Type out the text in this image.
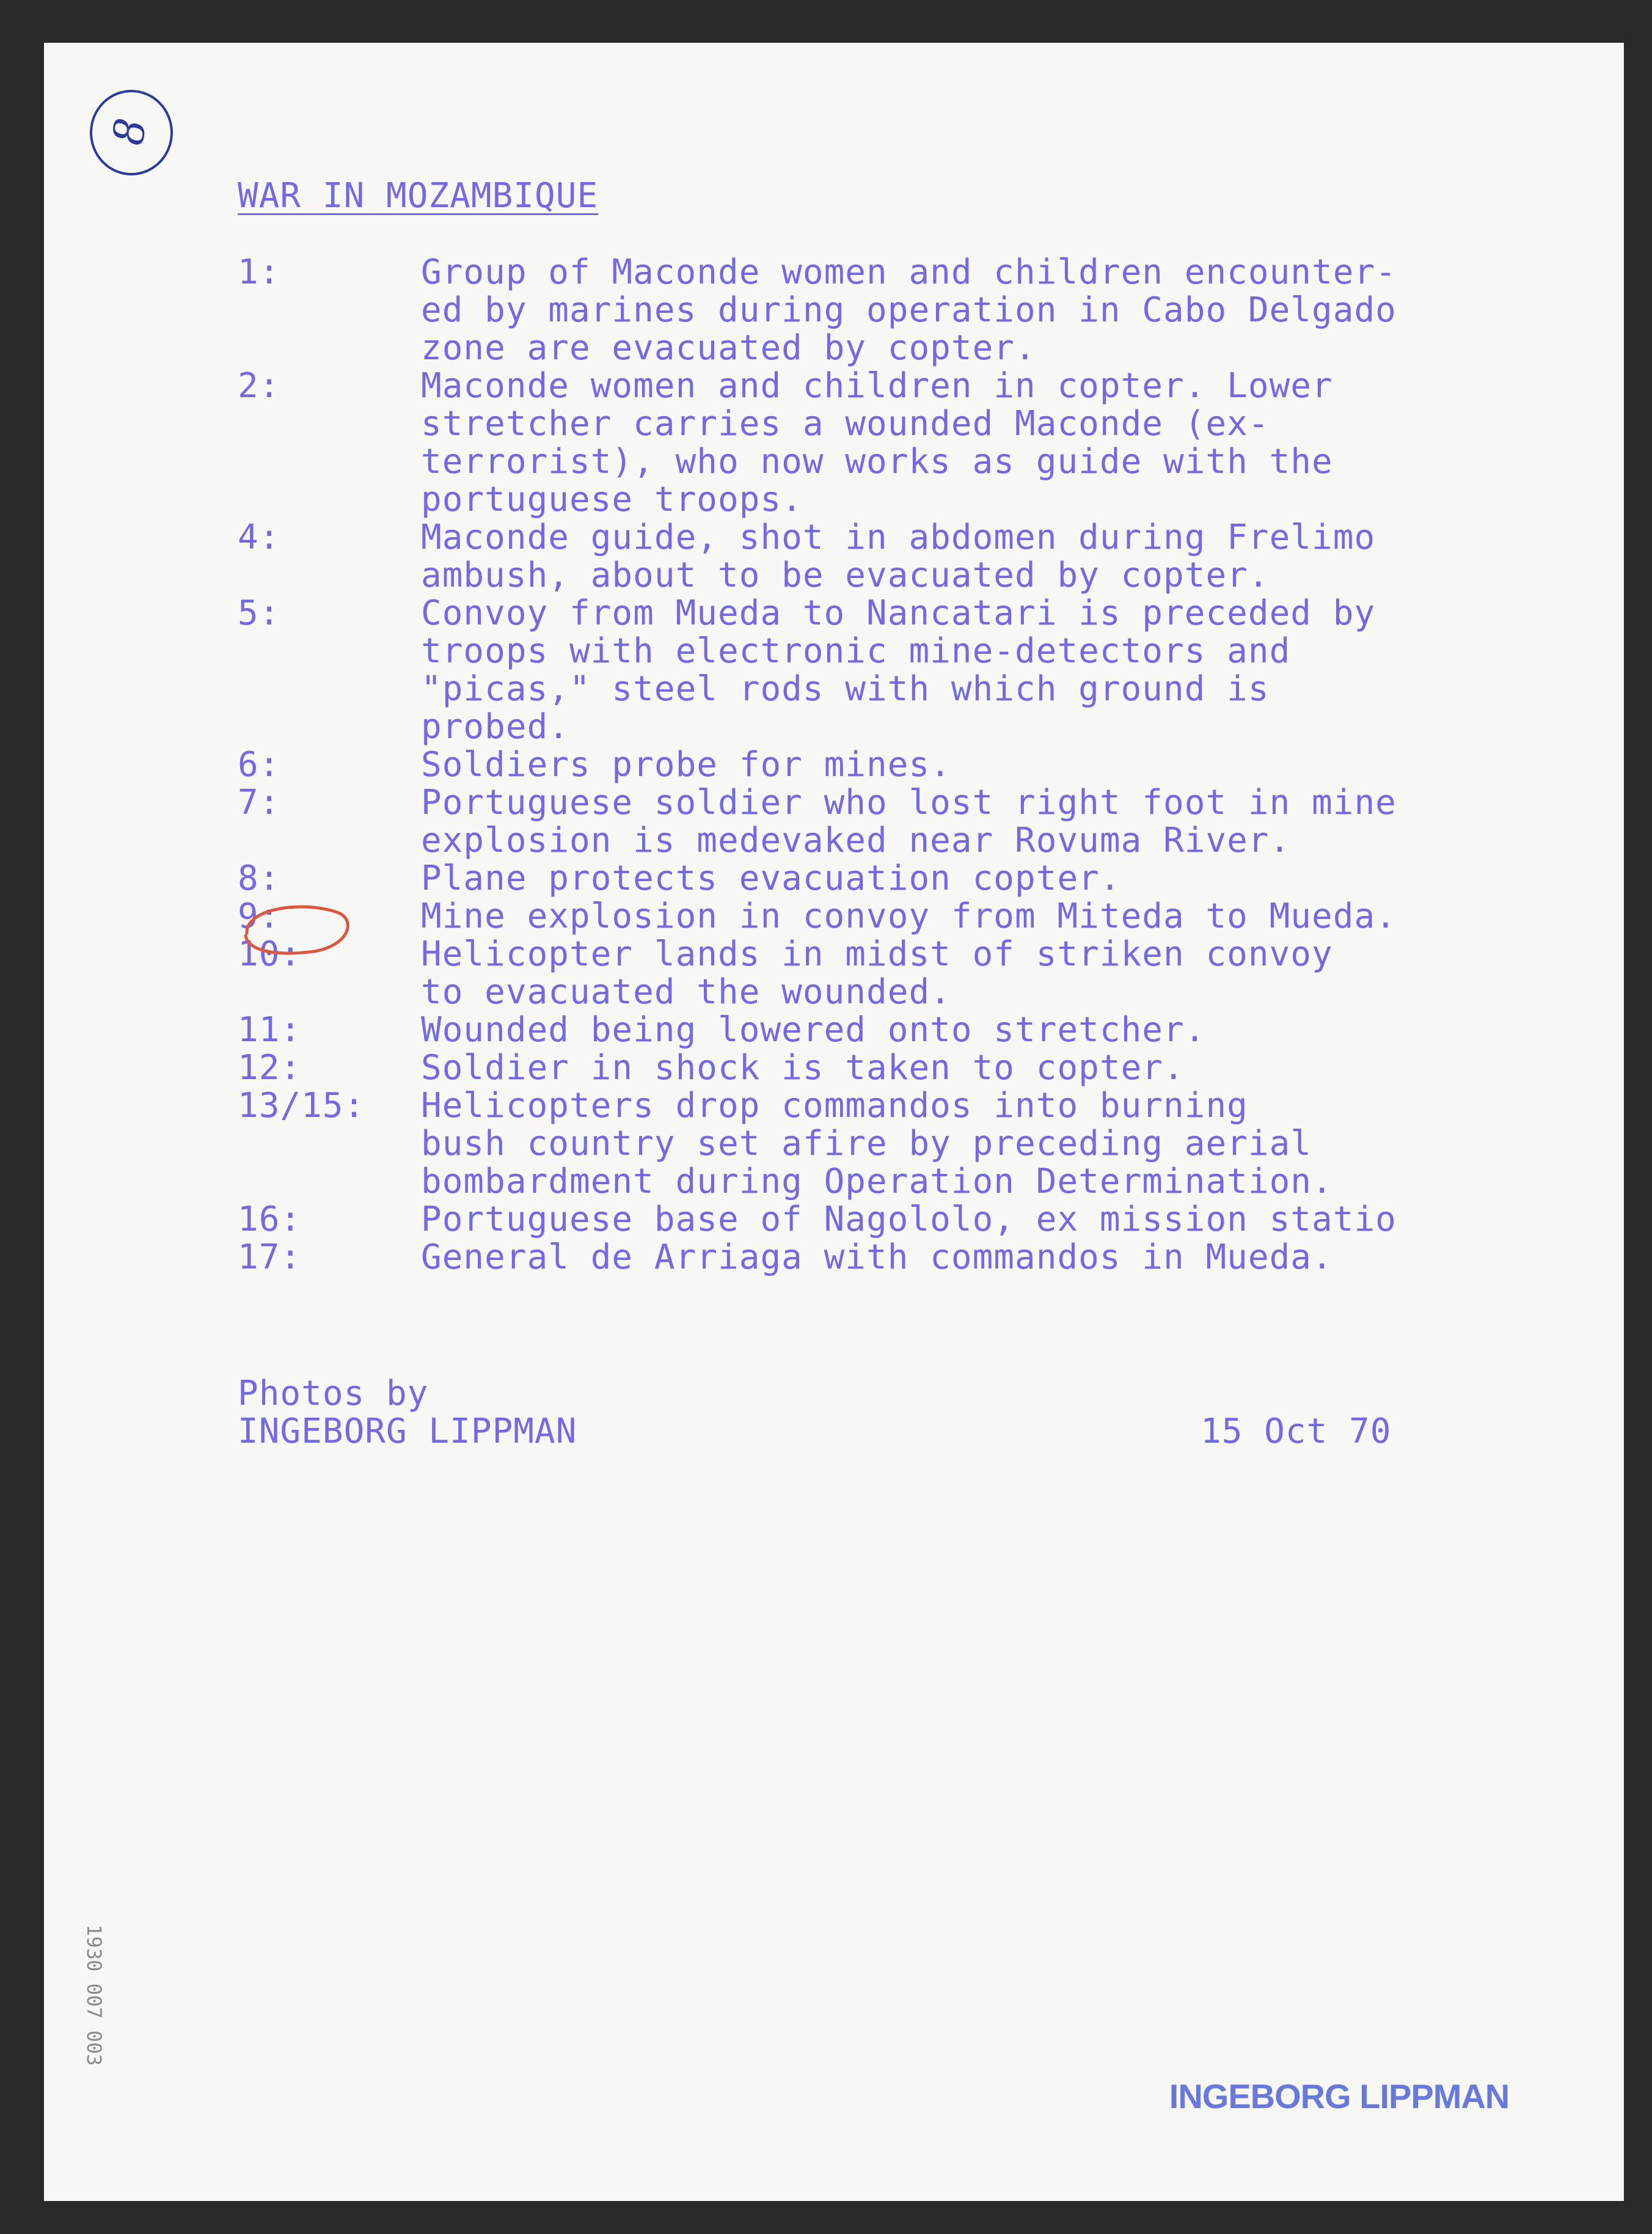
8
WAR IN MOZAMBIQUE
1:	Group of Maconde women and children encounter-
ed by marines during operation in Cabo Delgado
zone are evacuated by copter.
2:	Maconde women and children in copter. Lower
stretcher carries a wounded Maconde (ex-
terrorist), who now works as guide with the
portuguese troops.
4:	Maconde guide, shot in abdomen during Frelimo
ambush, about to be evacuated by copter.
5:	Convoy from Mueda to Nancatari is preceded by
troops with electronic mine-detectors and
"picas," steel rods with which ground is
probed.
6:	Soldiers probe for mines.
7:	Portuguese soldier who lost right foot in mine
explosion is medevaked near Rovuma River.
8:	Plane protects evacuation copter.
9:	Mine explosion in convoy from Miteda to Mueda.
10:	Helicopter lands in midst of striken convoy
to evacuated the wounded.
11:	Wounded being lowered onto stretcher.
12:	Soldier in shock is taken to copter.
13/15:	Helicopters drop commandos into burning
bush country set afire by preceding aerial
bombardment during Operation Determination.
16:	Portuguese base of Nagololo, ex mission statio
17:	General de Arriaga with commandos in Mueda.
Photos by
INGEBORG LIPPMAN	15 Oct 70
1930 007 003
INGEBORG LIPPMAN
